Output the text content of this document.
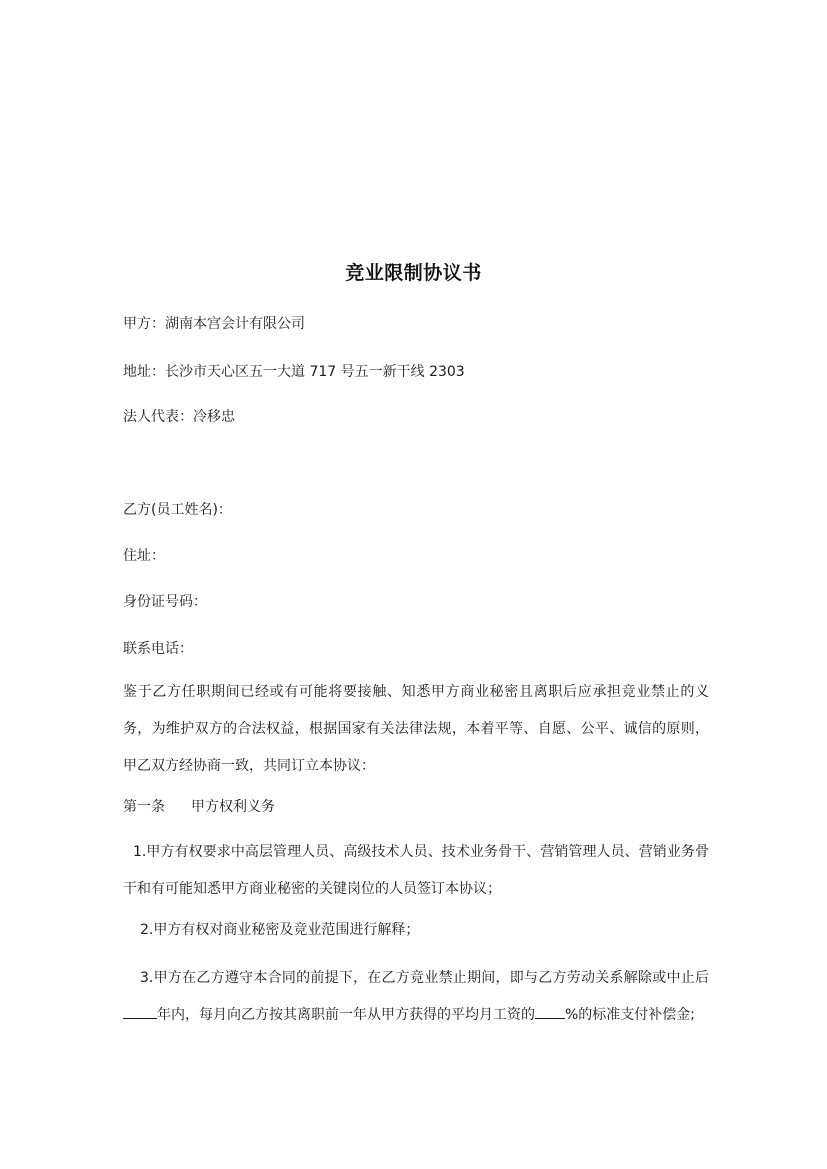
竞业限制协议书
甲方：湖南本宫会计有限公司
地址：长沙市天心区五一大道 717 号五一新干线 2303
法人代表：冷移忠
乙方(员工姓名)：
住址：
身份证号码：
联系电话：
鉴于乙方任职期间已经或有可能将要接触、知悉甲方商业秘密且离职后应承担竞业禁止的义务，为维护双方的合法权益，根据国家有关法律法规，本着平等、自愿、公平、诚信的原则，甲乙双方经协商一致，共同订立本协议：
第一条 甲方权利义务
1.甲方有权要求中高层管理人员、高级技术人员、技术业务骨干、营销管理人员、营销业务骨干和有可能知悉甲方商业秘密的关键岗位的人员签订本协议；
2.甲方有权对商业秘密及竞业范围进行解释；
3.甲方在乙方遵守本合同的前提下，在乙方竞业禁止期间，即与乙方劳动关系解除或中止后年内，每月向乙方按其离职前一年从甲方获得的平均月工资的 %的标准支付补偿金;
